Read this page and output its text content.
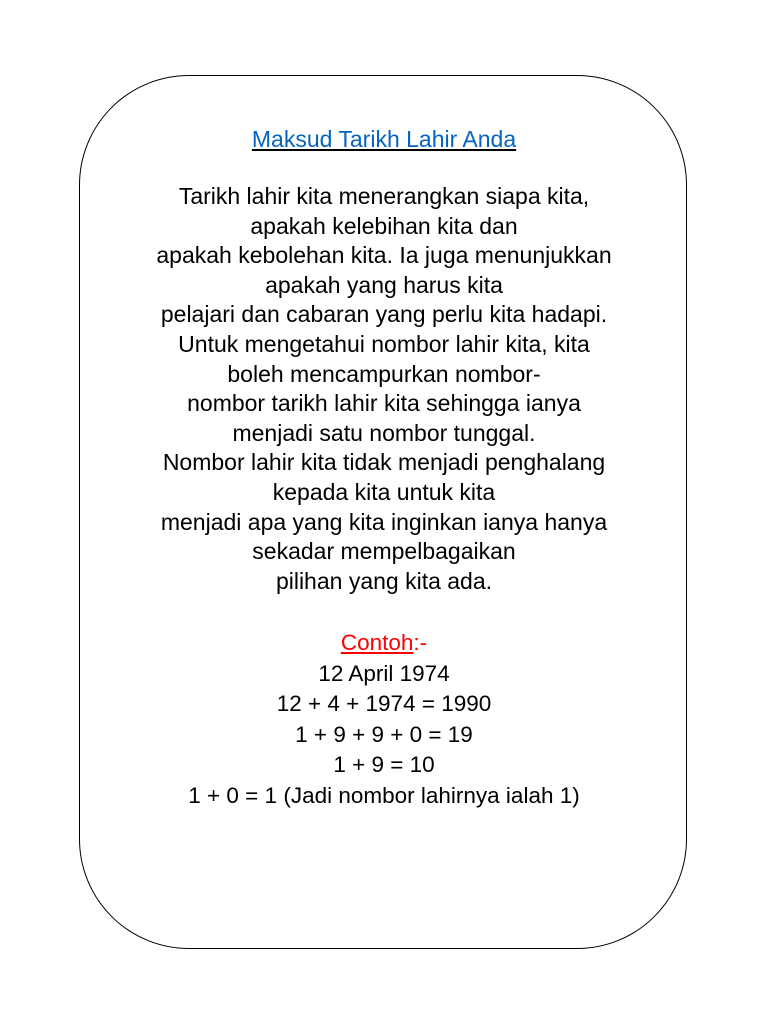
Maksud Tarikh Lahir Anda
Tarikh lahir kita menerangkan siapa kita,
apakah kelebihan kita dan
apakah kebolehan kita. Ia juga menunjukkan
apakah yang harus kita
pelajari dan cabaran yang perlu kita hadapi.
Untuk mengetahui nombor lahir kita, kita
boleh mencampurkan nombor-
nombor tarikh lahir kita sehingga ianya
menjadi satu nombor tunggal.
Nombor lahir kita tidak menjadi penghalang
kepada kita untuk kita
menjadi apa yang kita inginkan ianya hanya
sekadar mempelbagaikan
pilihan yang kita ada.
Contoh:-
12 April 1974
12 + 4 + 1974 = 1990
1 + 9 + 9 + 0 = 19
1 + 9 = 10
1 + 0 = 1 (Jadi nombor lahirnya ialah 1)
